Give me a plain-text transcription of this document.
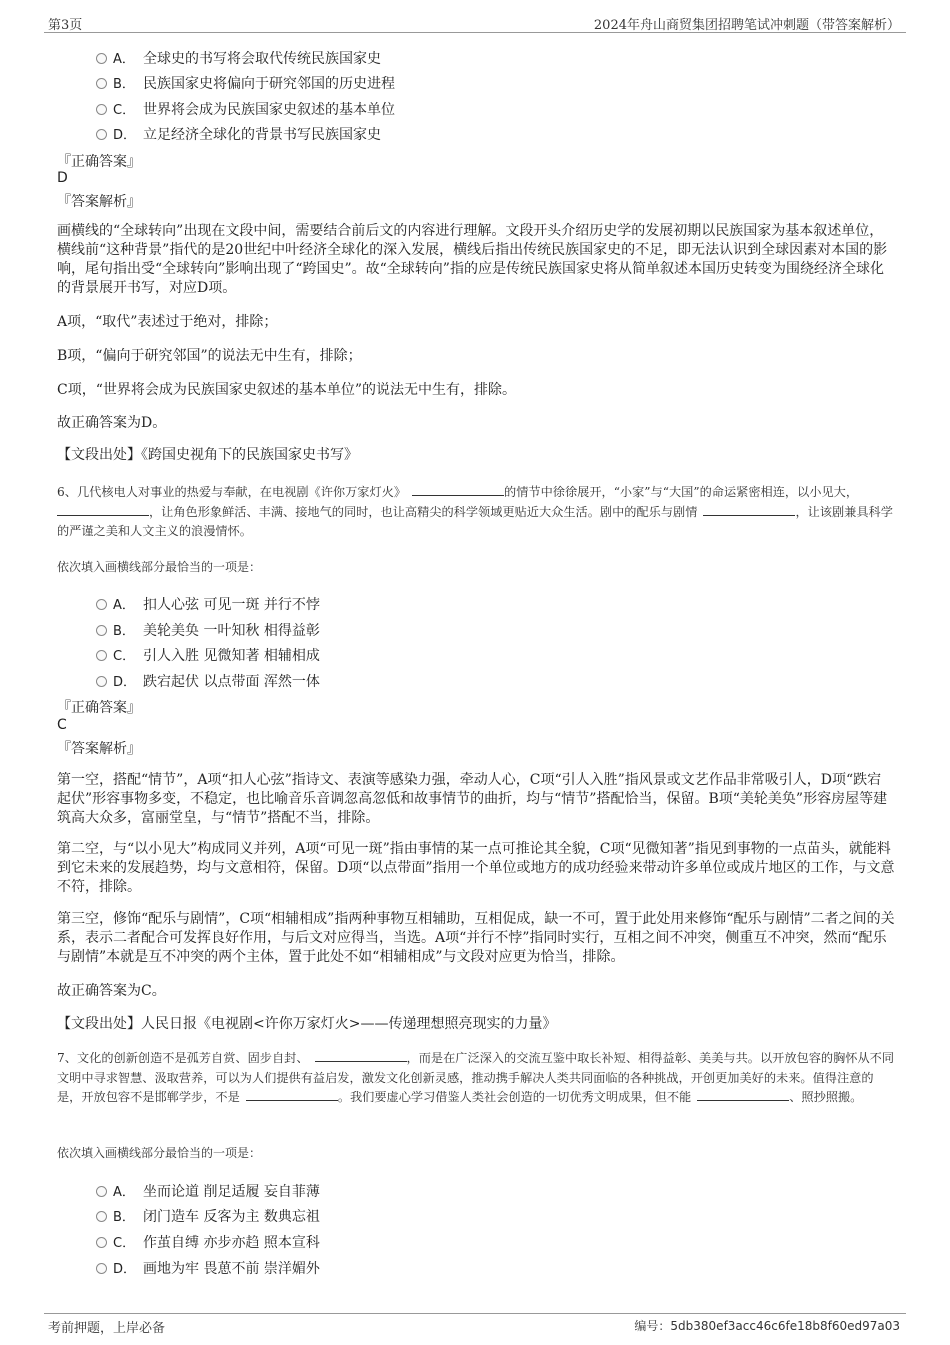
第3页	2024年舟山商贸集团招聘笔试冲刺题（带答案解析）
A． 全球史的书写将会取代传统民族国家史
B． 民族国家史将偏向于研究邻国的历史进程
C． 世界将会成为民族国家史叙述的基本单位
D． 立足经济全球化的背景书写民族国家史
『正确答案』
D
『答案解析』
画横线的“全球转向”出现在文段中间，需要结合前后文的内容进行理解。文段开头介绍历史学的发展初期以民族国家为基本叙述单位，横线前“这种背景”指代的是20世纪中叶经济全球化的深入发展，横线后指出传统民族国家史的不足，即无法认识到全球因素对本国的影响，尾句指出受“全球转向”影响出现了“跨国史”。故“全球转向”指的应是传统民族国家史将从简单叙述本国历史转变为围绕经济全球化的背景展开书写，对应D项。
A项，“取代”表述过于绝对，排除；
B项，“偏向于研究邻国”的说法无中生有，排除；
C项，“世界将会成为民族国家史叙述的基本单位”的说法无中生有，排除。
故正确答案为D。
【文段出处】《跨国史视角下的民族国家史书写》
6、几代核电人对事业的热爱与奉献，在电视剧《许你万家灯火》	的情节中徐徐展开，“小家”与“大国”的命运紧密相连，以小见大，，让角色形象鲜活、丰满、接地气的同时，也让高精尖的科学领域更贴近大众生活。剧中的配乐与剧情	，让该剧兼具科学的严谨之美和人文主义的浪漫情怀。
依次填入画横线部分最恰当的一项是：
A． 扣人心弦 可见一斑 并行不悖
B． 美轮美奂 一叶知秋 相得益彰
C． 引人入胜 见微知著 相辅相成
D． 跌宕起伏 以点带面 浑然一体
『正确答案』
C
『答案解析』
第一空，搭配“情节”，A项“扣人心弦”指诗文、表演等感染力强，牵动人心，C项“引人入胜”指风景或文艺作品非常吸引人，D项“跌宕起伏”形容事物多变，不稳定，也比喻音乐音调忽高忽低和故事情节的曲折，均与“情节”搭配恰当，保留。B项“美轮美奂”形容房屋等建筑高大众多，富丽堂皇，与“情节”搭配不当，排除。
第二空，与“以小见大”构成同义并列，A项“可见一斑”指由事情的某一点可推论其全貌，C项“见微知著”指见到事物的一点苗头，就能料到它未来的发展趋势，均与文意相符，保留。D项“以点带面”指用一个单位或地方的成功经验来带动许多单位或成片地区的工作，与文意不符，排除。
第三空，修饰“配乐与剧情”，C项“相辅相成”指两种事物互相辅助，互相促成，缺一不可，置于此处用来修饰“配乐与剧情”二者之间的关系，表示二者配合可发挥良好作用，与后文对应得当，当选。A项“并行不悖”指同时实行，互相之间不冲突，侧重互不冲突，然而“配乐与剧情”本就是互不冲突的两个主体，置于此处不如“相辅相成”与文段对应更为恰当，排除。
故正确答案为C。
【文段出处】人民日报《电视剧<许你万家灯火>——传递理想照亮现实的力量》
7、文化的创新创造不是孤芳自赏、固步自封、	，而是在广泛深入的交流互鉴中取长补短、相得益彰、美美与共。以开放包容的胸怀从不同文明中寻求智慧、汲取营养，可以为人们提供有益启发，激发文化创新灵感，推动携手解决人类共同面临的各种挑战，开创更加美好的未来。值得注意的是，开放包容不是邯郸学步，不是	。我们要虚心学习借鉴人类社会创造的一切优秀文明成果，但不能	、照抄照搬。
依次填入画横线部分最恰当的一项是：
A． 坐而论道 削足适履 妄自菲薄
B． 闭门造车 反客为主 数典忘祖
C． 作茧自缚 亦步亦趋 照本宣科
D． 画地为牢 畏葸不前 崇洋媚外
考前押题，上岸必备	编号：5db380ef3acc46c6fe18b8f60ed97a03
